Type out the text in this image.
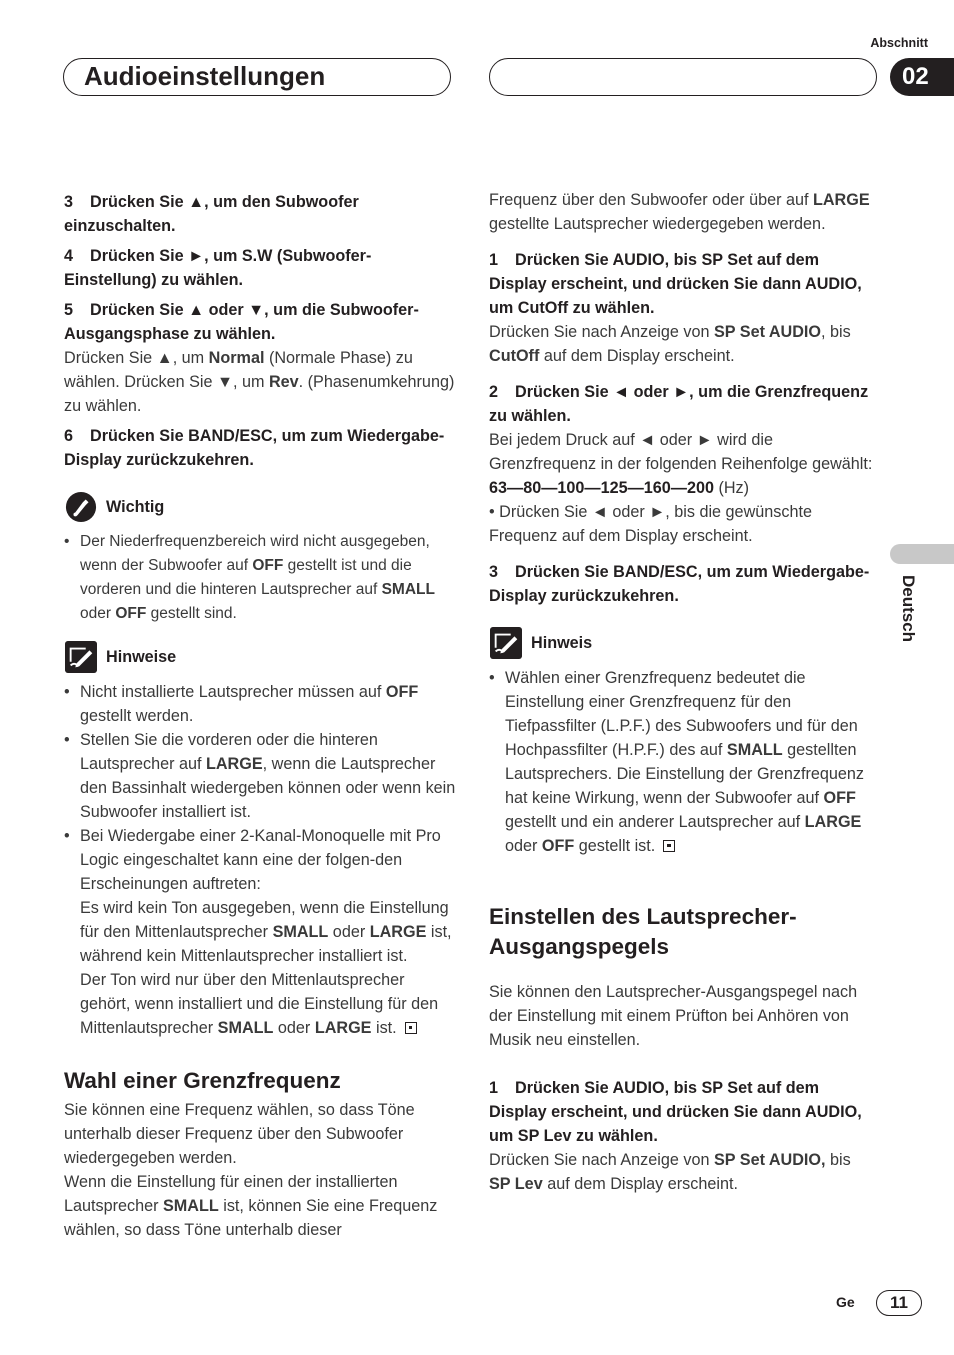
Audioeinstellungen
Abschnitt
02
Deutsch

3 Drücken Sie ▲, um den Subwoofer einzuschalten.

4 Drücken Sie ►, um S.W (Subwoofer-Einstellung) zu wählen.

5 Drücken Sie ▲ oder ▼, um die Subwoofer-Ausgangsphase zu wählen.

Drücken Sie ▲, um Normal (Normale Phase) zu wählen. Drücken Sie ▼, um Rev. (Phasenumkehrung) zu wählen.

6 Drücken Sie BAND/ESC, um zum Wiedergabe-Display zurückzukehren.

Wichtig
• Der Niederfrequenzbereich wird nicht ausgegeben, wenn der Subwoofer auf OFF gestellt ist und die vorderen und die hinteren Lautsprecher auf SMALL oder OFF gestellt sind.
Hinweise
• Nicht installierte Lautsprecher müssen auf OFF gestellt werden.
• Stellen Sie die vorderen oder die hinteren Lautsprecher auf LARGE, wenn die Lautsprecher den Bassinhalt wiedergeben können oder wenn kein Subwoofer installiert ist.
• Bei Wiedergabe einer 2-Kanal-Monoquelle mit Pro Logic eingeschaltet kann eine der folgen-den Erscheinungen auftreten:
Es wird kein Ton ausgegeben, wenn die Einstellung für den Mittenlautsprecher SMALL oder LARGE ist, während kein Mittenlautsprecher installiert ist.
Der Ton wird nur über den Mittenlautsprecher gehört, wenn installiert und die Einstellung für den Mittenlautsprecher SMALL oder LARGE ist.

Wahl einer Grenzfrequenz

Sie können eine Frequenz wählen, so dass Töne unterhalb dieser Frequenz über den Subwoofer wiedergegeben werden.

Wenn die Einstellung für einen der installierten Lautsprecher SMALL ist, können Sie eine Frequenz wählen, so dass Töne unterhalb dieser

Frequenz über den Subwoofer oder über auf LARGE gestellte Lautsprecher wiedergegeben werden.

1 Drücken Sie AUDIO, bis SP Set auf dem Display erscheint, und drücken Sie dann AUDIO, um CutOff zu wählen.

Drücken Sie nach Anzeige von SP Set AUDIO, bis CutOff auf dem Display erscheint.

2 Drücken Sie ◄ oder ►, um die Grenzfrequenz zu wählen.

Bei jedem Druck auf ◄ oder ► wird die Grenzfrequenz in der folgenden Reihenfolge gewählt:

63—80—100—125—160—200 (Hz)

• Drücken Sie ◄ oder ►, bis die gewünschte Frequenz auf dem Display erscheint.

3 Drücken Sie BAND/ESC, um zum Wiedergabe-Display zurückzukehren.

Hinweis
• Wählen einer Grenzfrequenz bedeutet die Einstellung einer Grenzfrequenz für den Tiefpassfilter (L.P.F.) des Subwoofers und für den Hochpassfilter (H.P.F.) des auf SMALL gestellten Lautsprechers. Die Einstellung der Grenzfrequenz hat keine Wirkung, wenn der Subwoofer auf OFF gestellt und ein anderer Lautsprecher auf LARGE oder OFF gestellt ist.

Einstellen des Lautsprecher-Ausgangspegels

Sie können den Lautsprecher-Ausgangspegel nach der Einstellung mit einem Prüfton bei Anhören von Musik neu einstellen.

1 Drücken Sie AUDIO, bis SP Set auf dem Display erscheint, und drücken Sie dann AUDIO, um SP Lev zu wählen.

Drücken Sie nach Anzeige von SP Set AUDIO, bis SP Lev auf dem Display erscheint.

Ge	11
